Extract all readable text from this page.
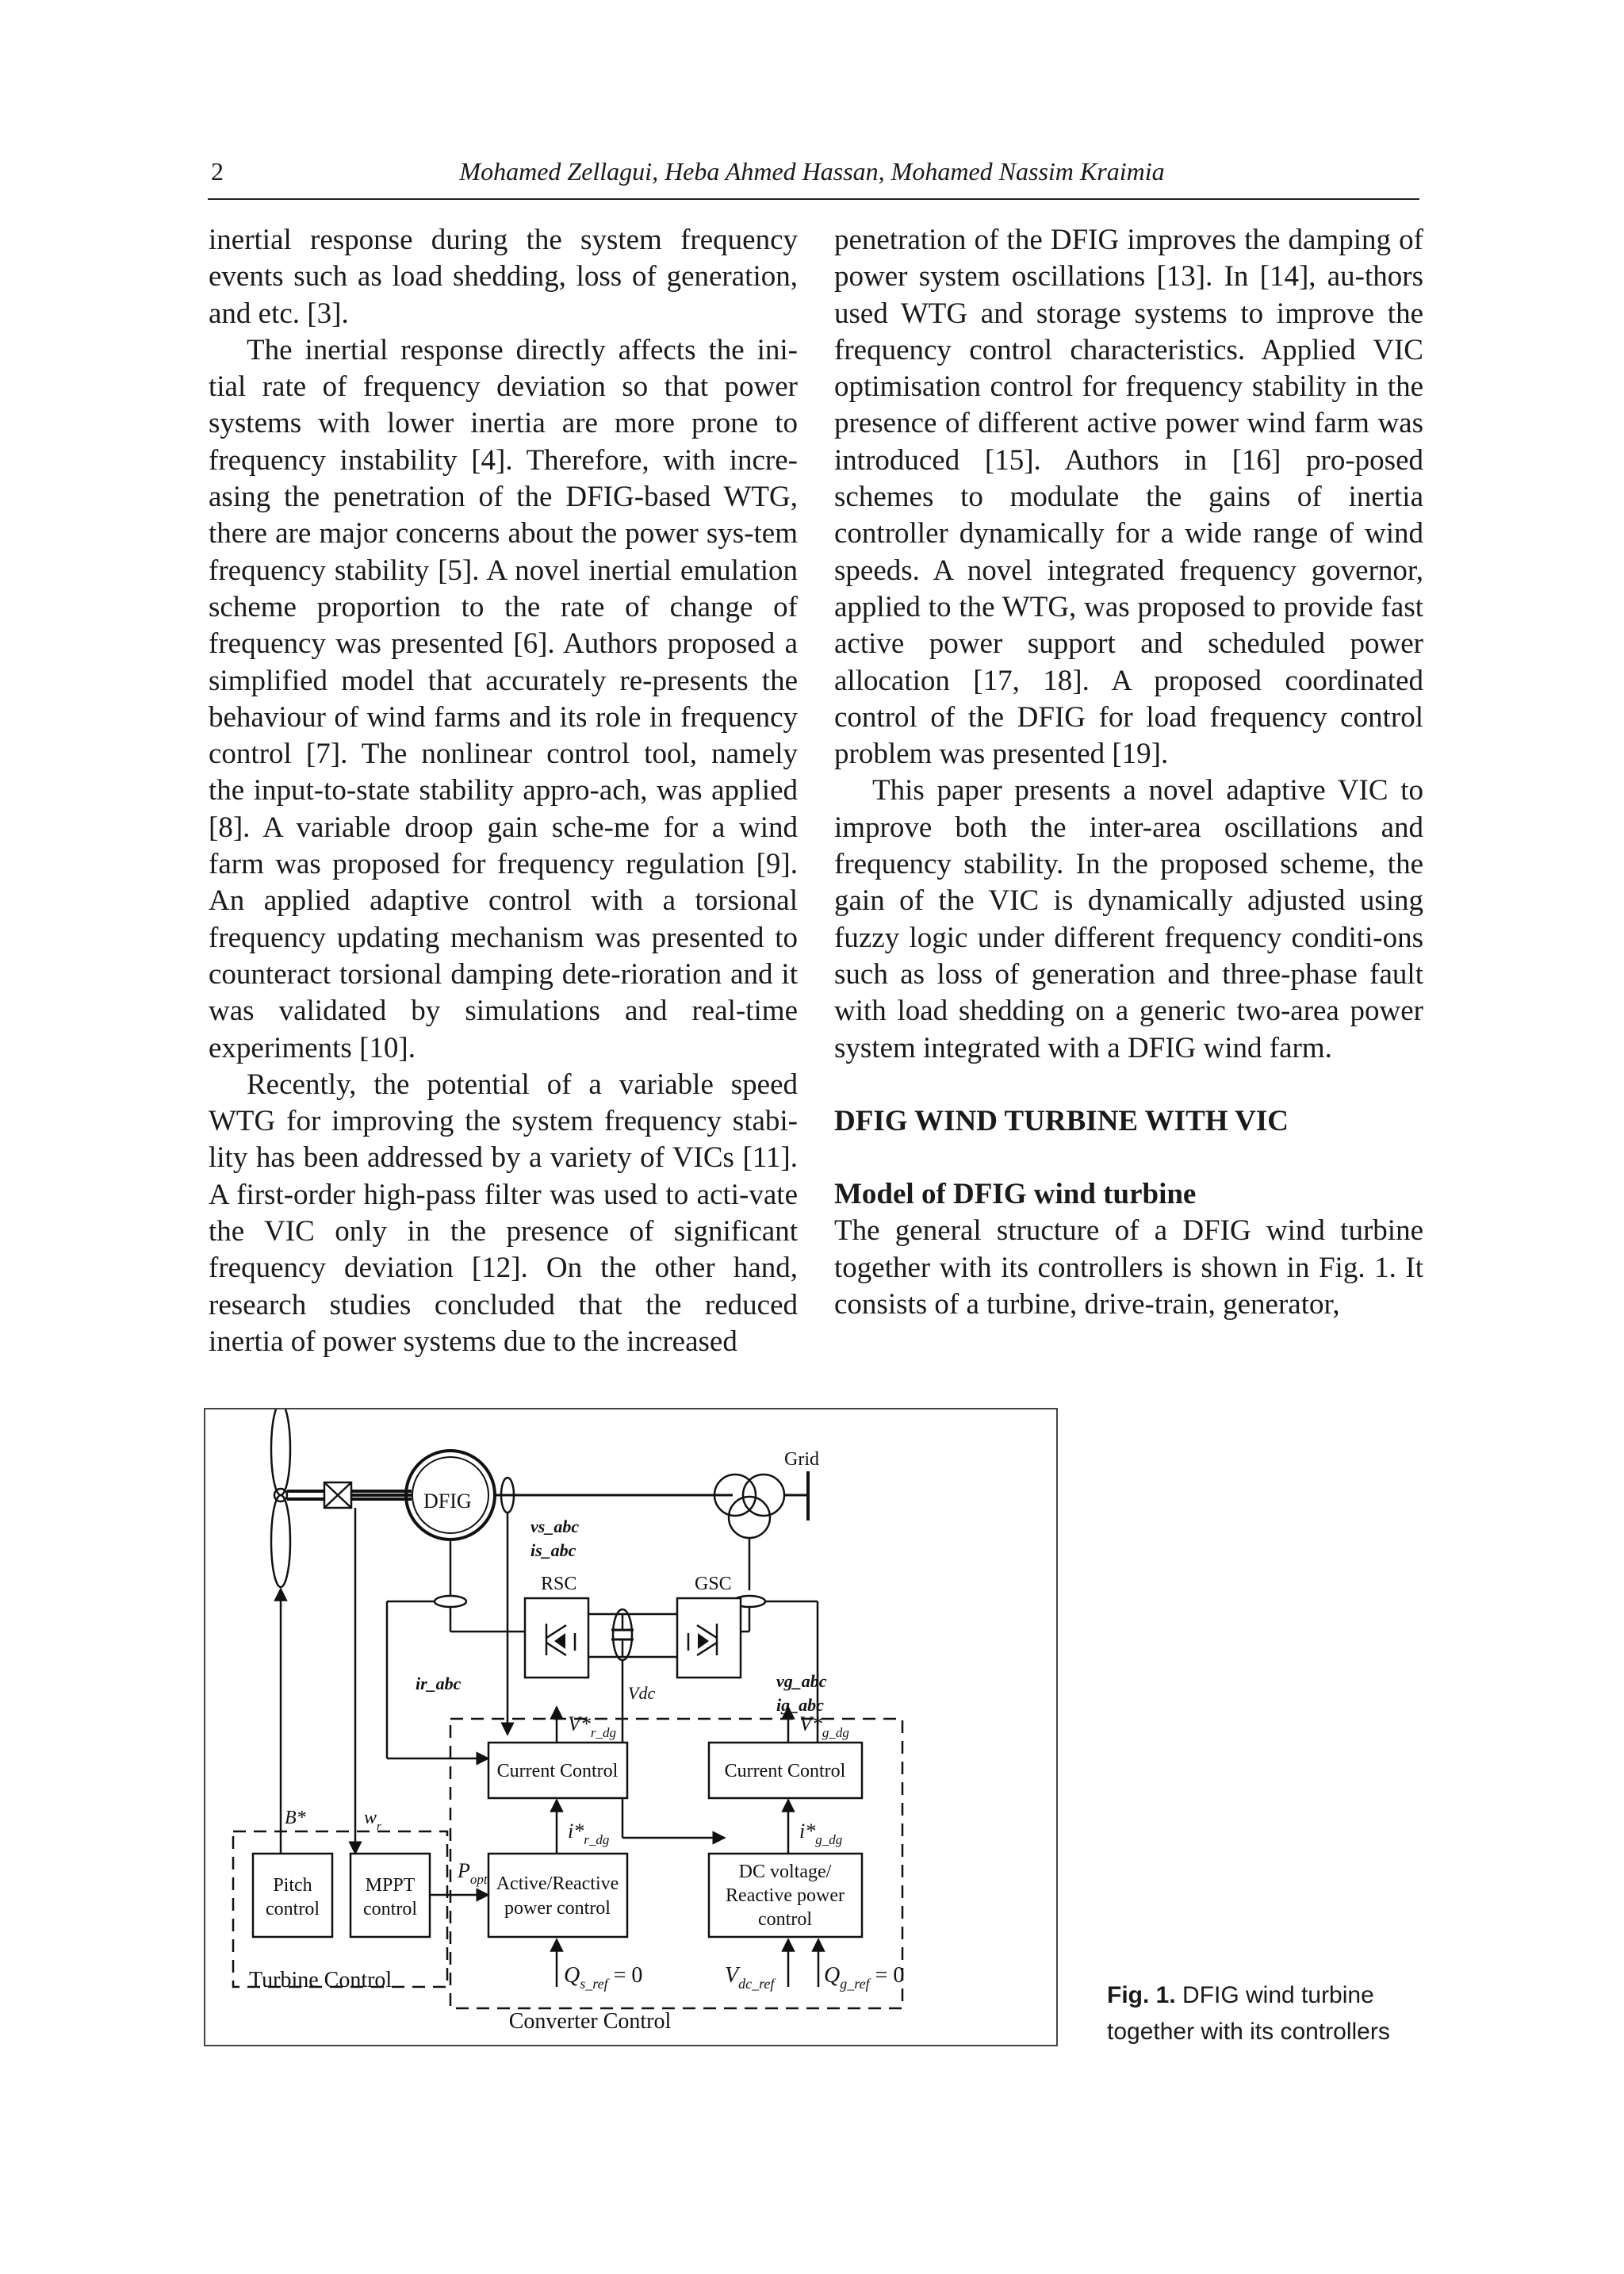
2	Mohamed Zellagui, Heba Ahmed Hassan, Mohamed Nassim Kraimia

inertial response during the system frequency events such as load shedding, loss of generation, and etc. [3].

The inertial response directly affects the ini-tial rate of frequency deviation so that power systems with lower inertia are more prone to frequency instability [4]. Therefore, with incre-asing the penetration of the DFIG-based WTG, there are major concerns about the power sys-tem frequency stability [5]. A novel inertial emulation scheme proportion to the rate of change of frequency was presented [6]. Authors proposed a simplified model that accurately re-presents the behaviour of wind farms and its role in frequency control [7]. The nonlinear control tool, namely the input-to-state stability appro-ach, was applied [8]. A variable droop gain sche-me for a wind farm was proposed for frequency regulation [9]. An applied adaptive control with a torsional frequency updating mechanism was presented to counteract torsional damping dete-rioration and it was validated by simulations and real-time experiments [10].

Recently, the potential of a variable speed WTG for improving the system frequency stabi-lity has been addressed by a variety of VICs [11]. A first-order high-pass filter was used to acti-vate the VIC only in the presence of significant frequency deviation [12]. On the other hand, research studies concluded that the reduced inertia of power systems due to the increased

penetration of the DFIG improves the damping of power system oscillations [13]. In [14], au-thors used WTG and storage systems to improve the frequency control characteristics. Applied VIC optimisation control for frequency stability in the presence of different active power wind farm was introduced [15]. Authors in [16] pro-posed schemes to modulate the gains of inertia controller dynamically for a wide range of wind speeds. A novel integrated frequency governor, applied to the WTG, was proposed to provide fast active power support and scheduled power allocation [17, 18]. A proposed coordinated control of the DFIG for load frequency control problem was presented [19].

This paper presents a novel adaptive VIC to improve both the inter-area oscillations and frequency stability. In the proposed scheme, the gain of the VIC is dynamically adjusted using fuzzy logic under different frequency conditi-ons such as loss of generation and three-phase fault with load shedding on a generic two-area power system integrated with a DFIG wind farm.

DFIG WIND TURBINE WITH VIC

Model of DFIG wind turbine

The general structure of a DFIG wind turbine together with its controllers is shown in Fig. 1. It consists of a turbine, drive-train, generator,

Grid
DFIG
vs_abc
is_abc
RSC	GSC
ir_abc	Vdc
vg_abc
ig_abc
$V*_{r\_dg}$	$V*_{g\_dg}$
Current Control	Current Control
B*	$w_r$	$i*_{r\_dg}$	$i*_{g\_dg}$
$P_{opt}$
Pitch
control
MPPT
control
Active/Reactive
power control
DC voltage/
Reactive power
control
$Q_{s\_ref} = 0$	$V_{dc\_ref}$ $Q_{g\_ref} = 0$
Turbine Control
Converter Control
Fig. 1. DFIG wind turbine together with its controllers
